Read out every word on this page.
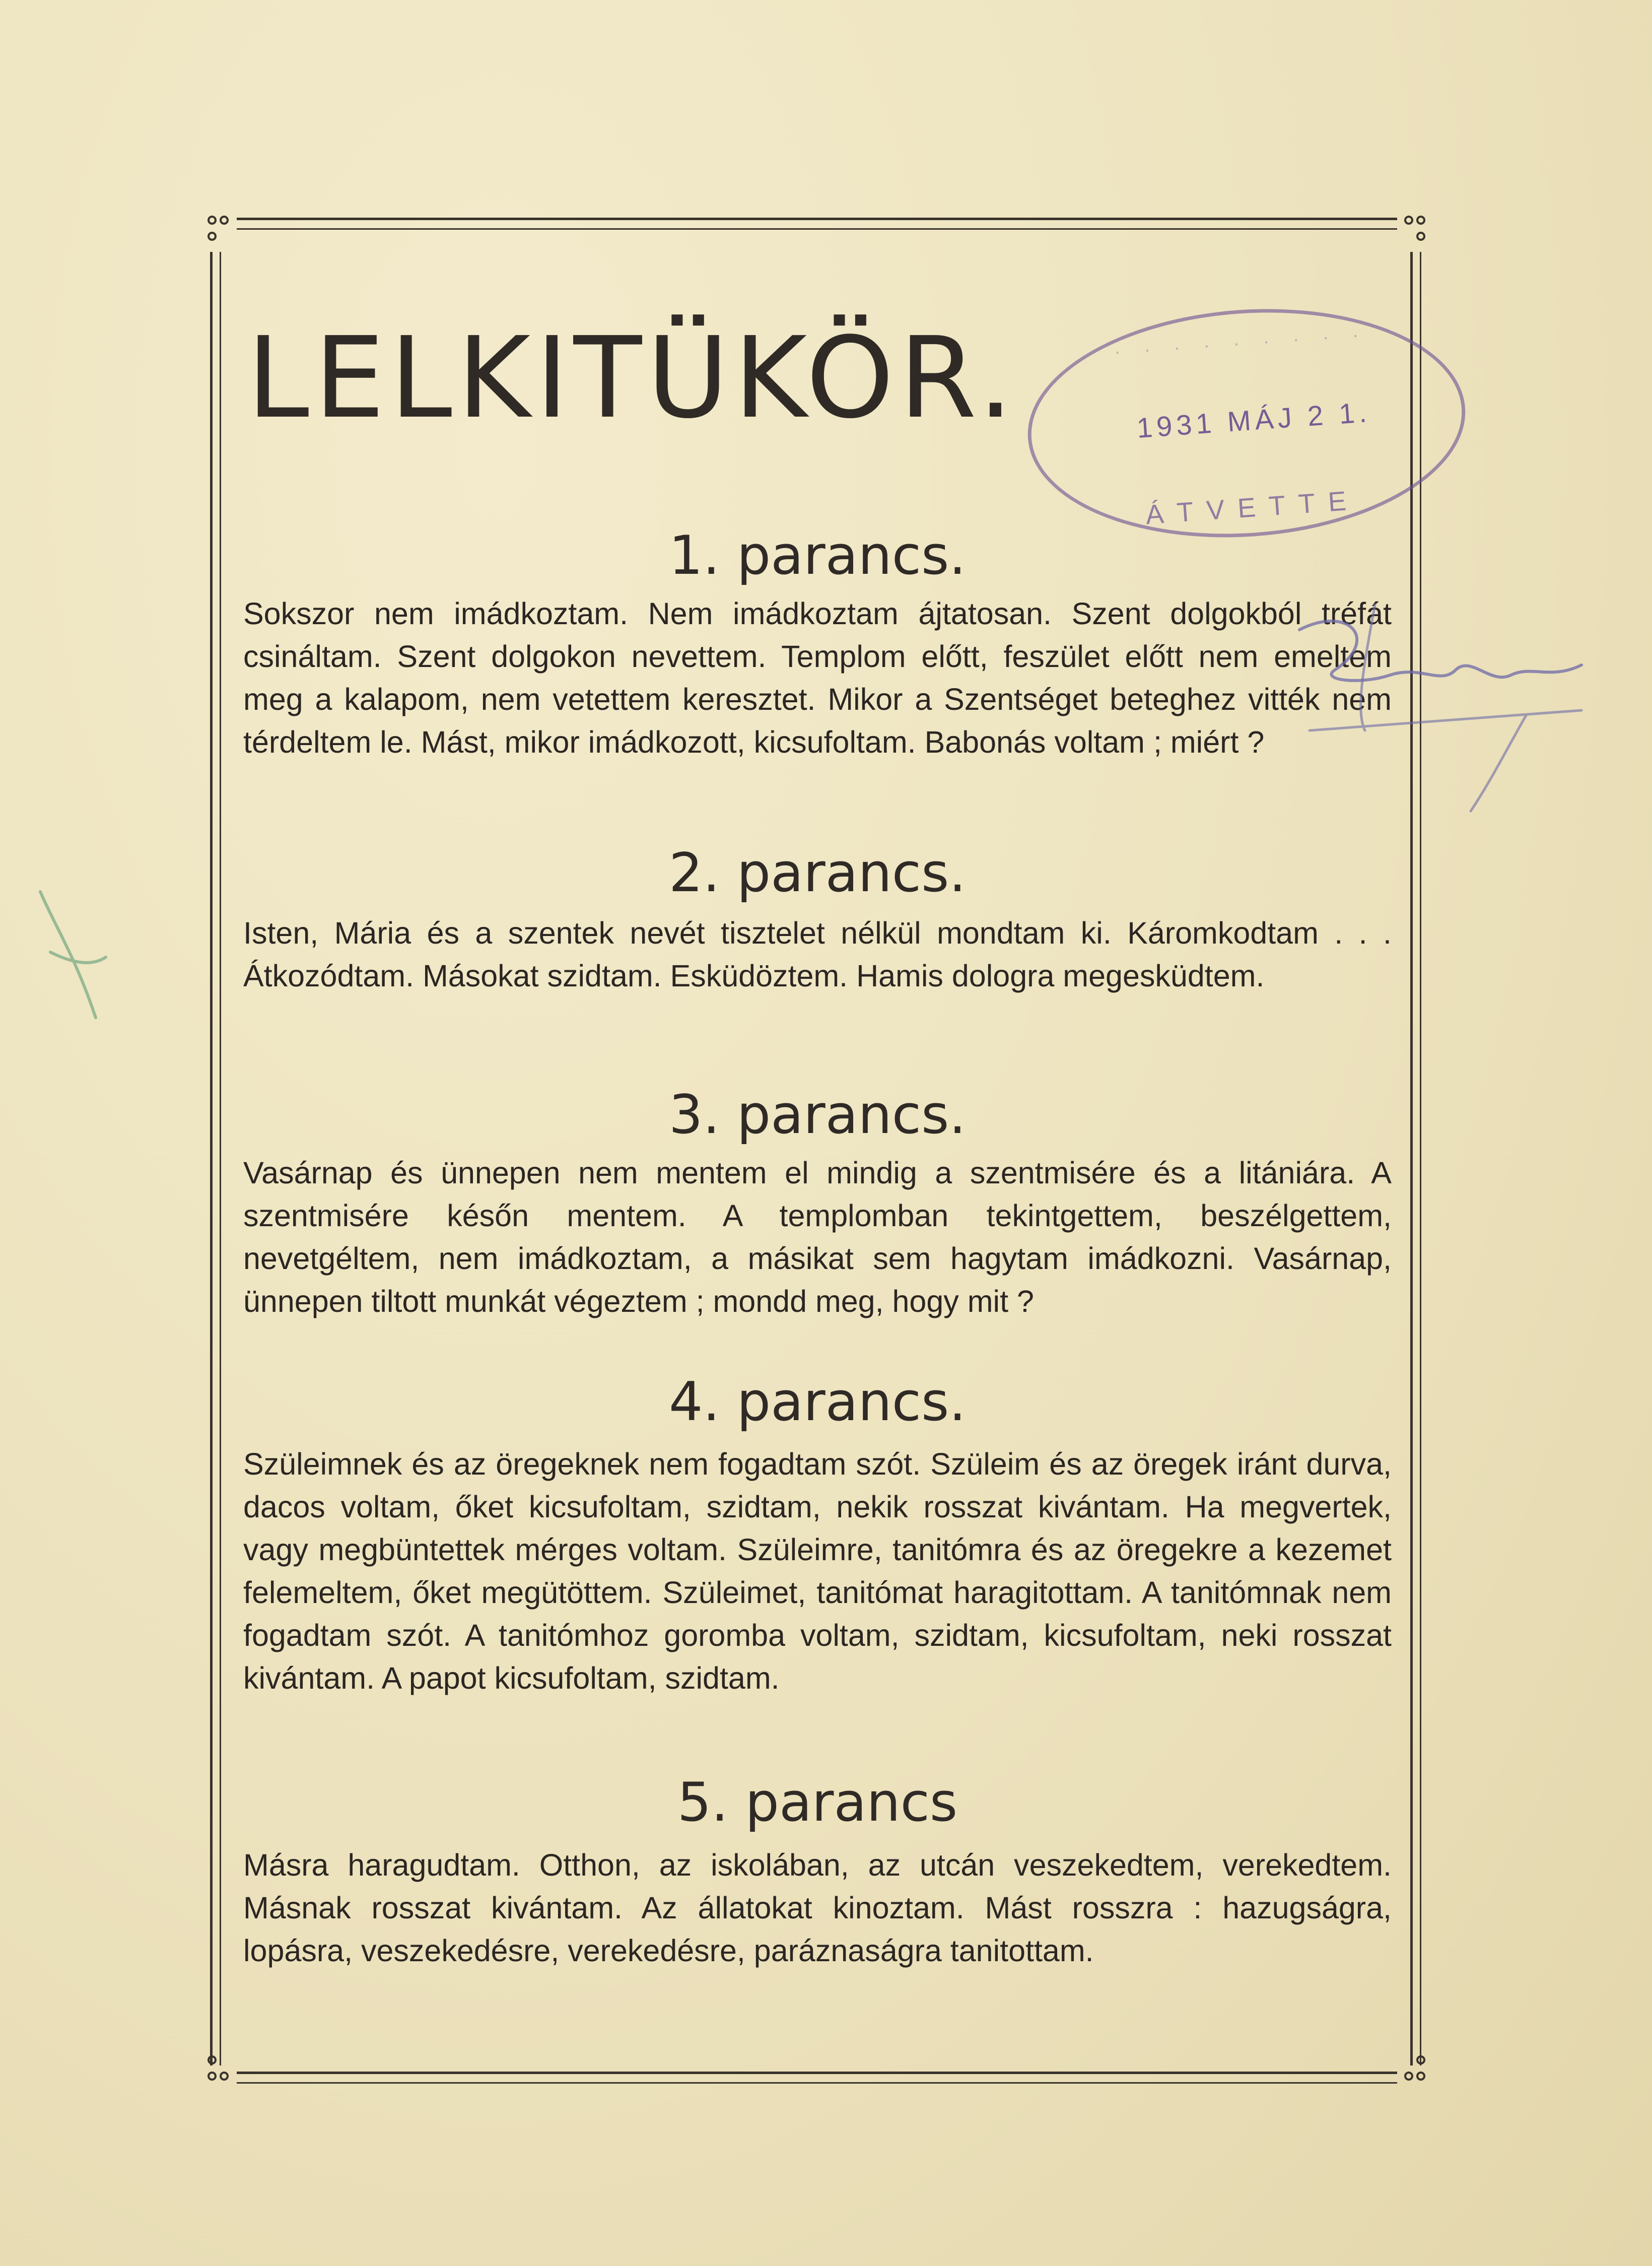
LELKITÜKÖR.	· · · · · · · · ·
1931 MÁJ 2 1.
ÁTVETTE
1. parancs.

Sokszor nem imádkoztam. Nem imádkoztam ájtatosan. Szent dolgokból tréfát csináltam. Szent dolgokon nevettem. Templom előtt, feszület előtt nem emeltem meg a kalapom, nem vetettem keresztet. Mikor a Szentséget beteghez vitték nem térdeltem le. Mást, mikor imádkozott, kicsufoltam. Babonás voltam ; miért ?

2. parancs.

Isten, Mária és a szentek nevét tisztelet nélkül mondtam ki. Káromkodtam . . . Átkozódtam. Másokat szidtam. Esküdöztem. Hamis dologra megesküdtem.

3. parancs.

Vasárnap és ünnepen nem mentem el mindig a szentmisére és a litániára. A szentmisére későn mentem. A templomban tekintgettem, beszélgettem, nevetgéltem, nem imádkoztam, a másikat sem hagytam imádkozni. Vasárnap, ünnepen tiltott munkát végeztem ; mondd meg, hogy mit ?

4. parancs.

Szüleimnek és az öregeknek nem fogadtam szót. Szüleim és az öregek iránt durva, dacos voltam, őket kicsufoltam, szidtam, nekik rosszat kivántam. Ha megvertek, vagy megbüntettek mérges voltam. Szüleimre, tanitómra és az öregekre a kezemet felemeltem, őket megütöttem. Szüleimet, tanitómat haragitottam. A tanitómnak nem fogadtam szót. A tanitómhoz goromba voltam, szidtam, kicsufoltam, neki rosszat kivántam. A papot kicsufoltam, szidtam.

5. parancs

Másra haragudtam. Otthon, az iskolában, az utcán veszekedtem, verekedtem. Másnak rosszat kivántam. Az állatokat kinoztam. Mást rosszra : hazugságra, lopásra, veszekedésre, verekedésre, paráznaságra tanitottam.
